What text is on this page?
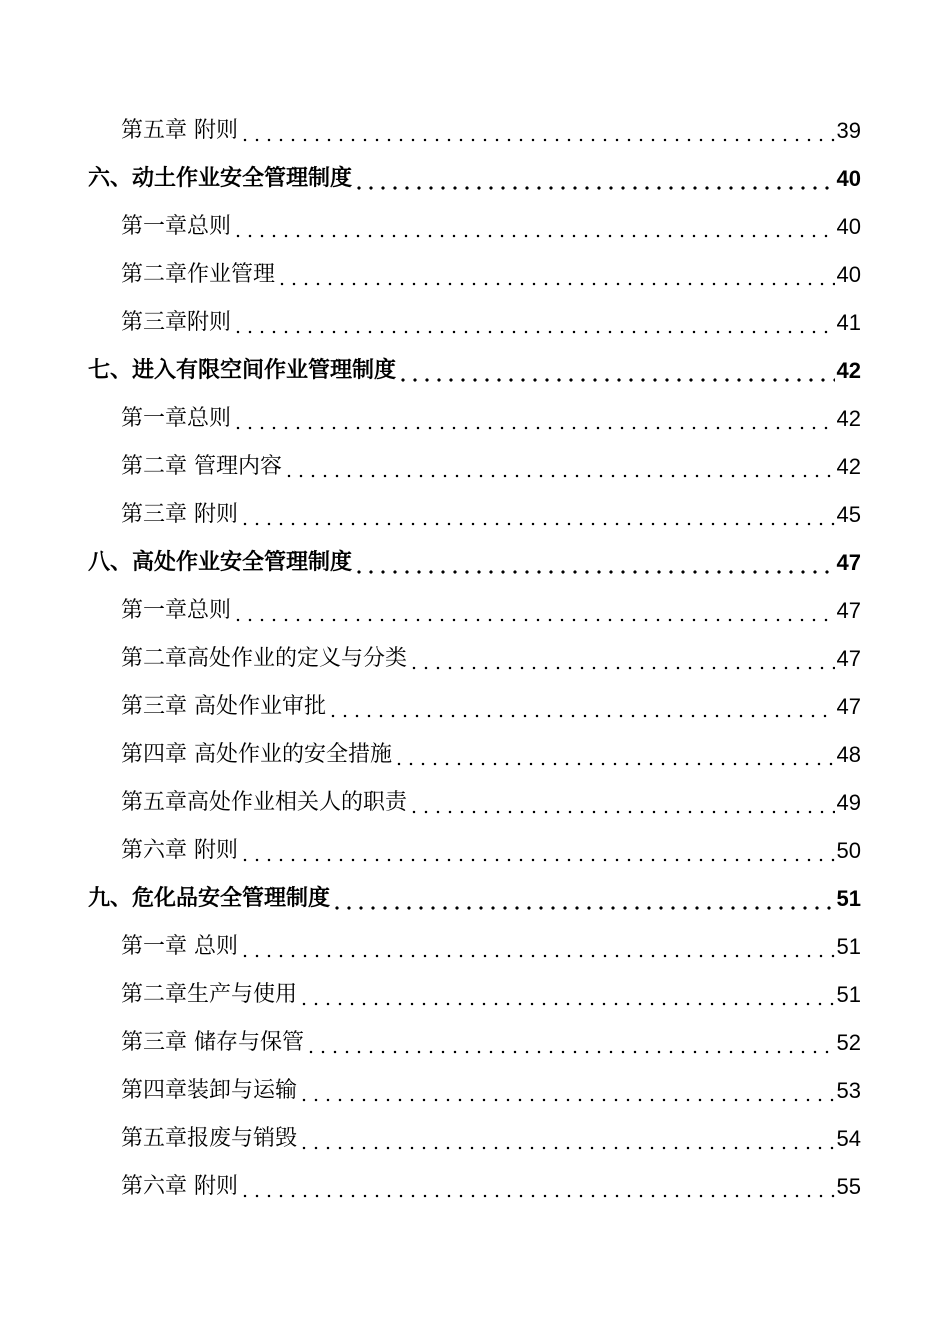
第五章 附则	39
六、动土作业安全管理制度	40
第一章总则	40
第二章作业管理	40
第三章附则	41
七、进入有限空间作业管理制度	42
第一章总则	42
第二章 管理内容	42
第三章 附则	45
八、高处作业安全管理制度	47
第一章总则	47
第二章高处作业的定义与分类	47
第三章 高处作业审批	47
第四章 高处作业的安全措施	48
第五章高处作业相关人的职责	49
第六章 附则	50
九、危化品安全管理制度	51
第一章 总则	51
第二章生产与使用	51
第三章 储存与保管	52
第四章装卸与运输	53
第五章报废与销毁	54
第六章 附则	55
